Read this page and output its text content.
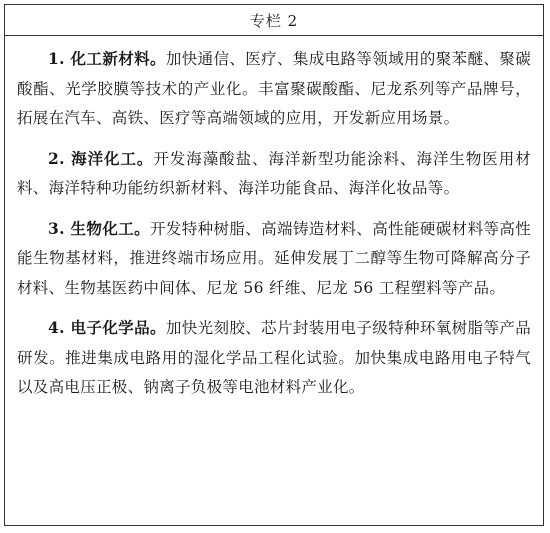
专栏 2

1. 化工新材料。加快通信、医疗、集成电路等领域用的聚苯醚、聚碳酸酯、光学胶膜等技术的产业化。丰富聚碳酸酯、尼龙系列等产品牌号，拓展在汽车、高铁、医疗等高端领域的应用，开发新应用场景。

2. 海洋化工。开发海藻酸盐、海洋新型功能涂料、海洋生物医用材料、海洋特种功能纺织新材料、海洋功能食品、海洋化妆品等。

3. 生物化工。开发特种树脂、高端铸造材料、高性能硬碳材料等高性能生物基材料，推进终端市场应用。延伸发展丁二醇等生物可降解高分子材料、生物基医药中间体、尼龙 56 纤维、尼龙 56 工程塑料等产品。

4. 电子化学品。加快光刻胶、芯片封装用电子级特种环氧树脂等产品研发。推进集成电路用的湿化学品工程化试验。加快集成电路用电子特气以及高电压正极、钠离子负极等电池材料产业化。
